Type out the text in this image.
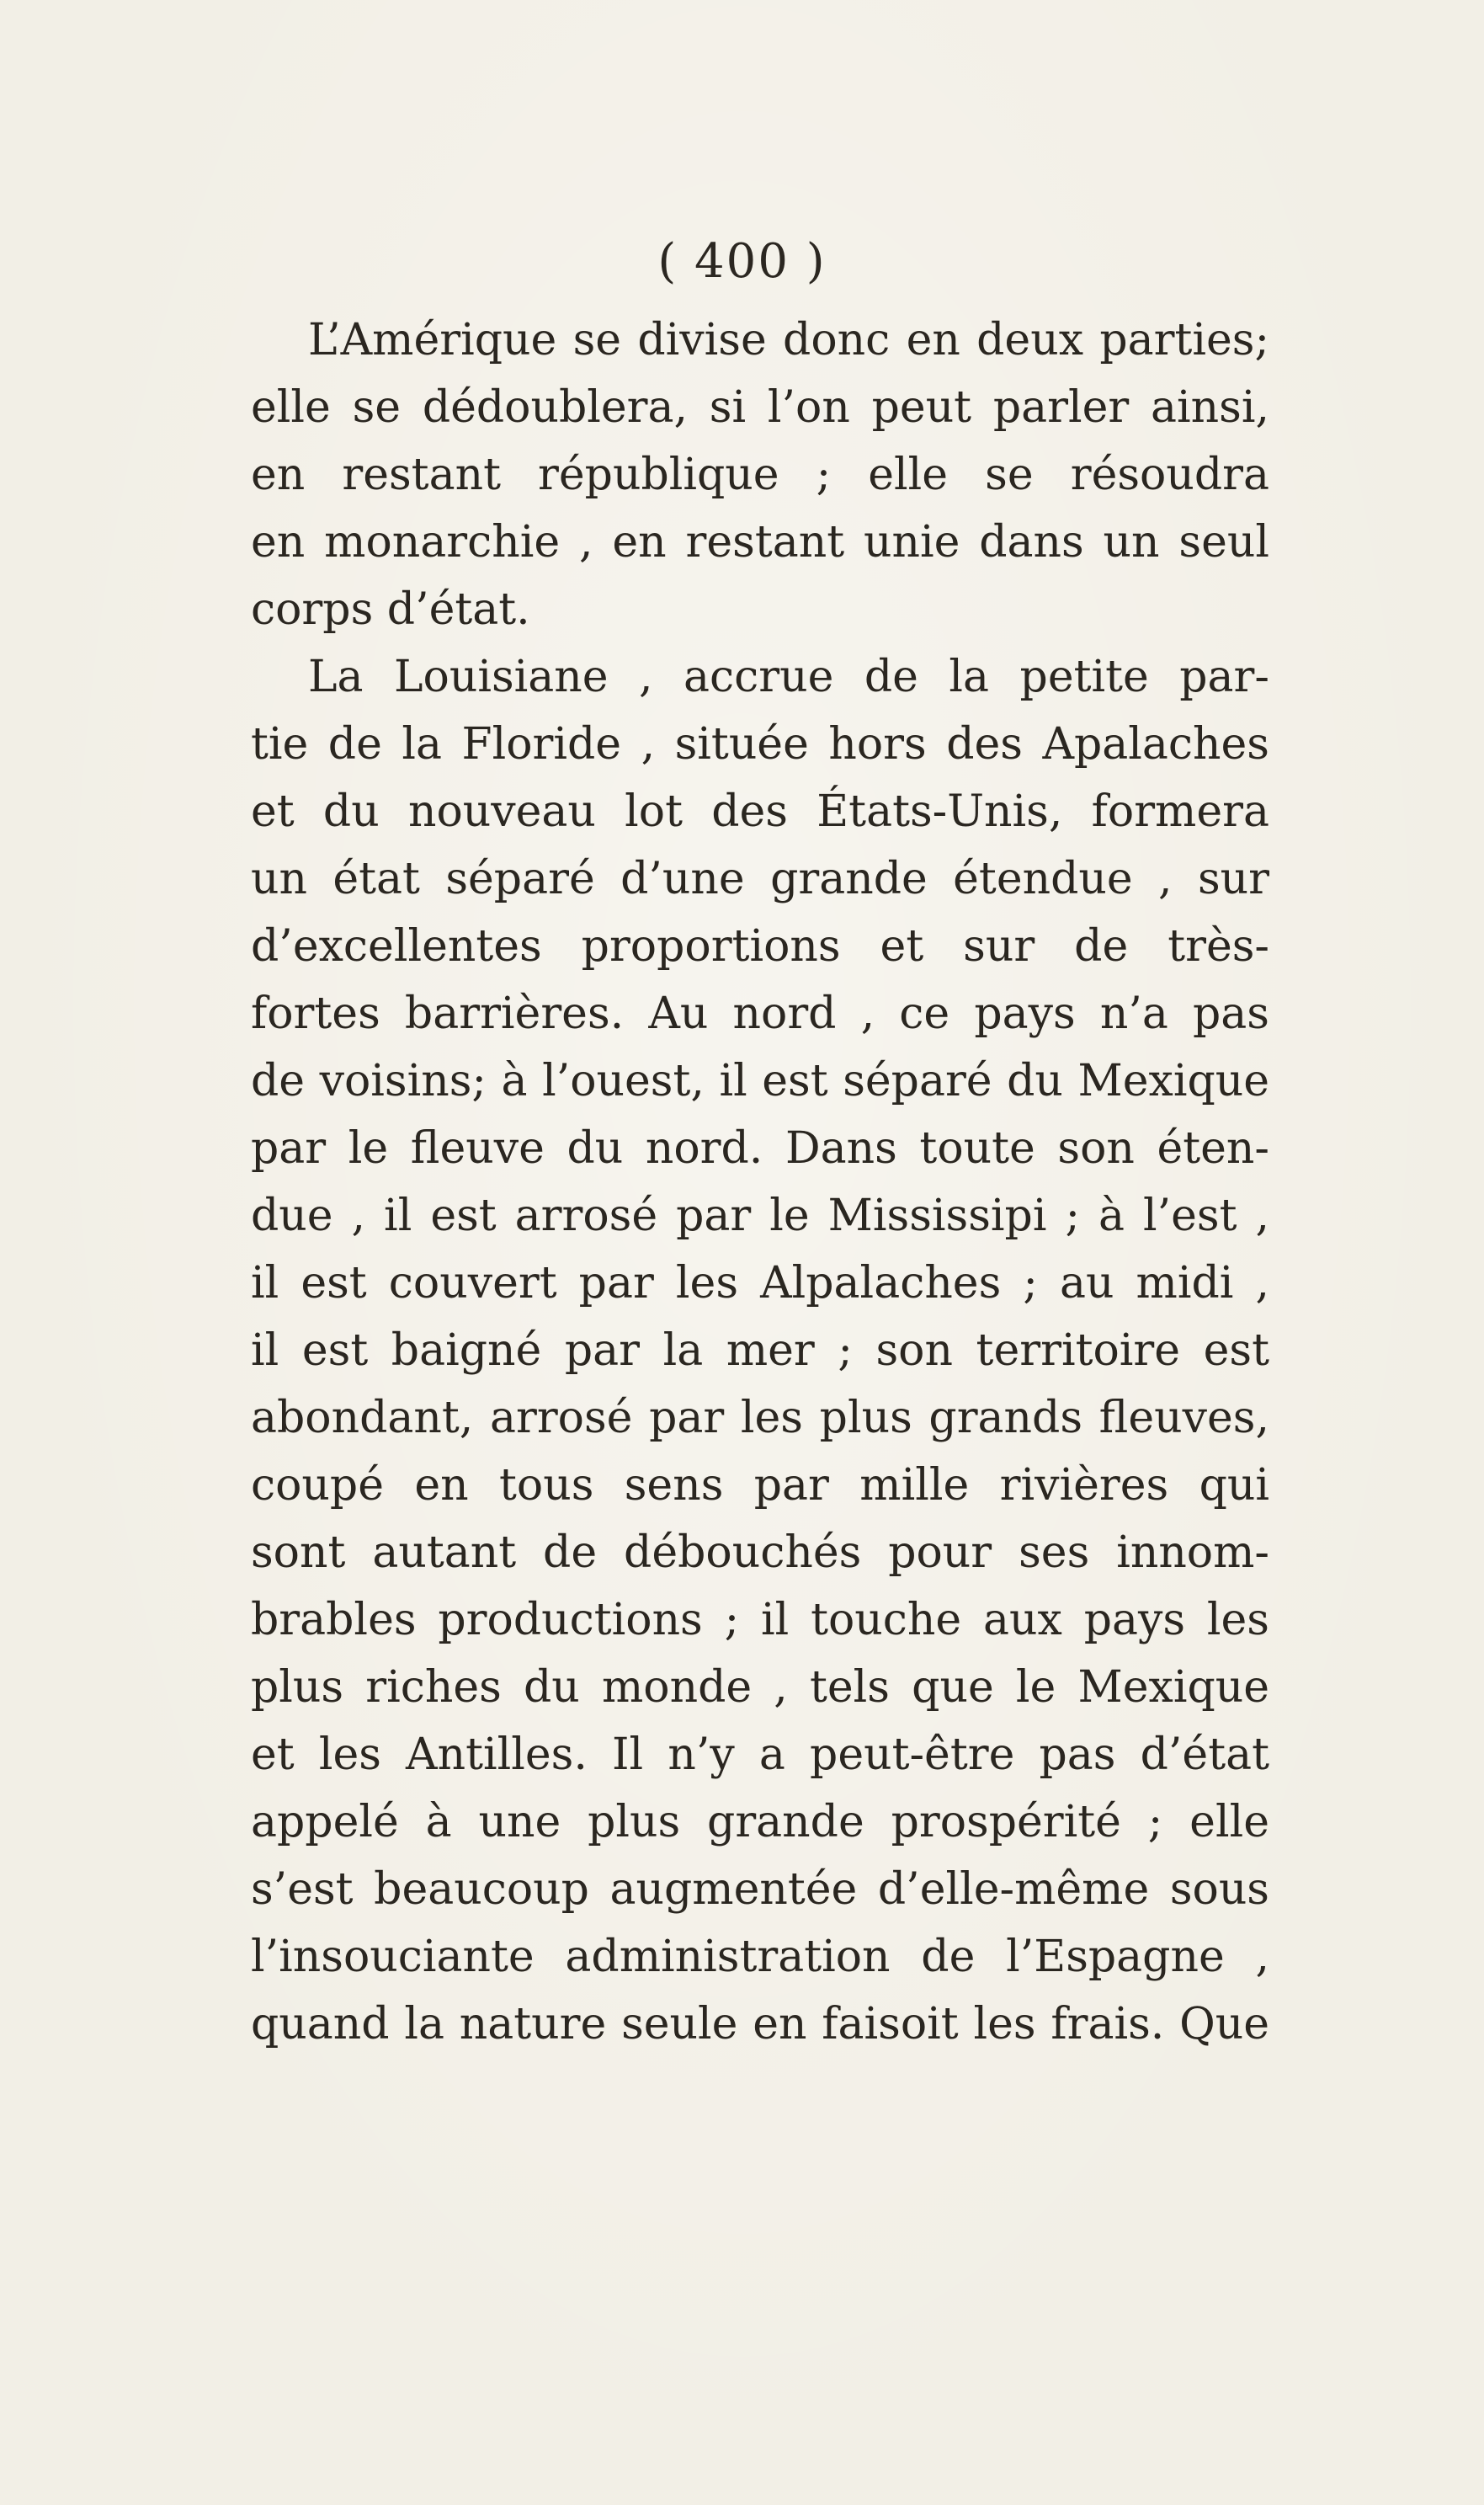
( 400 )
L’Amérique se divise donc en deux parties;
elle se dédoublera, si l’on peut parler ainsi,
en restant république ; elle se résoudra
en monarchie , en restant unie dans un seul
corps d’état.
La Louisiane , accrue de la petite par-
tie de la Floride , située hors des Apalaches
et du nouveau lot des États-Unis, formera
un état séparé d’une grande étendue , sur
d’excellentes proportions et sur de très-
fortes barrières. Au nord , ce pays n’a pas
de voisins; à l’ouest, il est séparé du Mexique
par le fleuve du nord. Dans toute son éten-
due , il est arrosé par le Mississipi ; à l’est ,
il est couvert par les Alpalaches ; au midi ,
il est baigné par la mer ; son territoire est
abondant, arrosé par les plus grands fleuves,
coupé en tous sens par mille rivières qui
sont autant de débouchés pour ses innom-
brables productions ; il touche aux pays les
plus riches du monde , tels que le Mexique
et les Antilles. Il n’y a peut-être pas d’état
appelé à une plus grande prospérité ; elle
s’est beaucoup augmentée d’elle-même sous
l’insouciante administration de l’Espagne ,
quand la nature seule en faisoit les frais. Que
